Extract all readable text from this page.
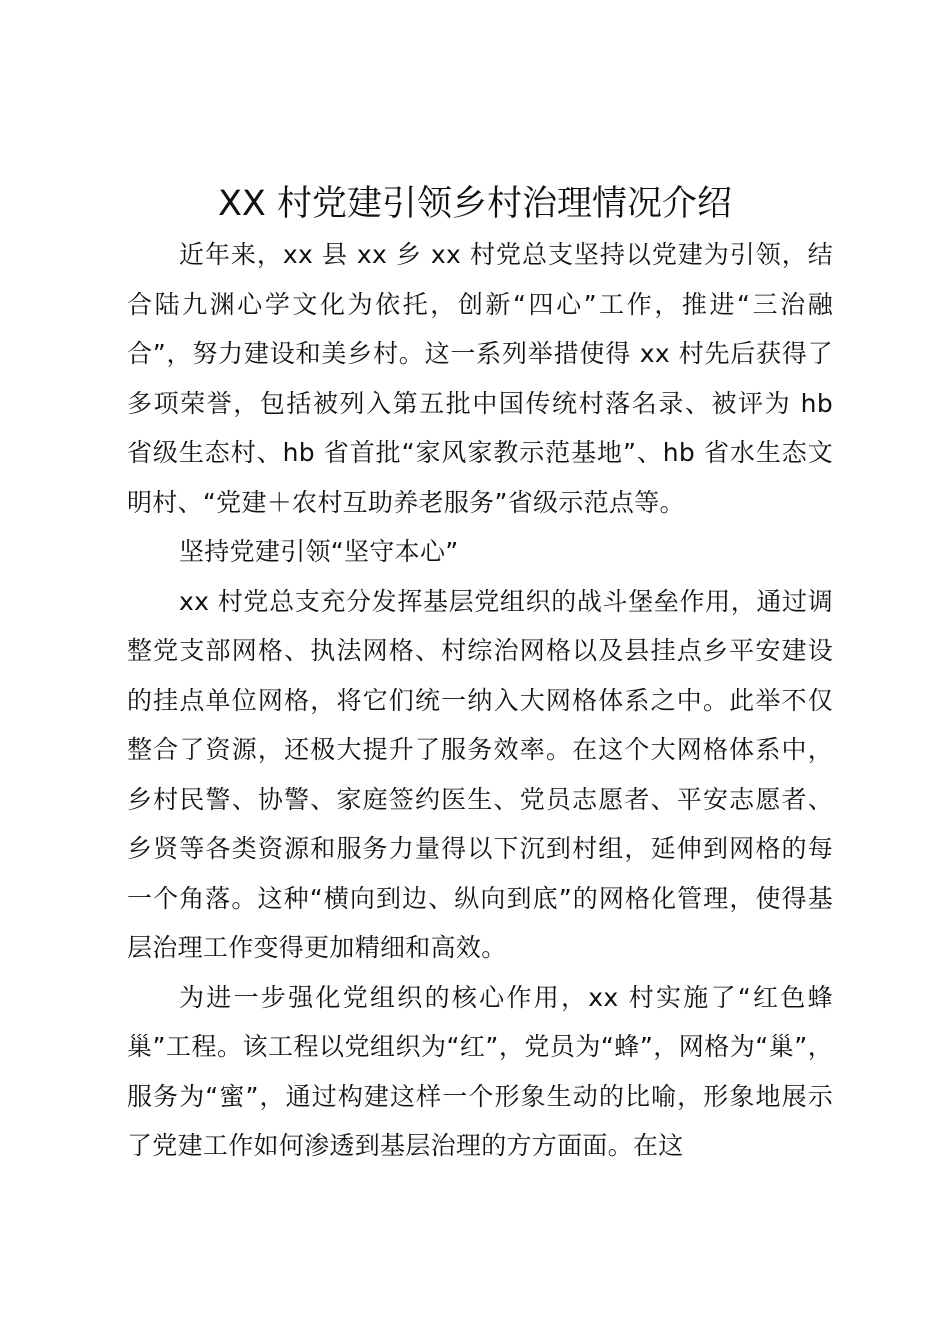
XX 村党建引领乡村治理情况介绍

近年来，xx 县 xx 乡 xx 村党总支坚持以党建为引领，结合陆九渊心学文化为依托，创新“四心”工作，推进“三治融合”，努力建设和美乡村。这一系列举措使得 xx 村先后获得了多项荣誉，包括被列入第五批中国传统村落名录、被评为 hb 省级生态村、hb 省首批“家风家教示范基地”、hb 省水生态文明村、“党建＋农村互助养老服务”省级示范点等。

坚持党建引领“坚守本心”

xx 村党总支充分发挥基层党组织的战斗堡垒作用，通过调整党支部网格、执法网格、村综治网格以及县挂点乡平安建设的挂点单位网格，将它们统一纳入大网格体系之中。此举不仅整合了资源，还极大提升了服务效率。在这个大网格体系中，乡村民警、协警、家庭签约医生、党员志愿者、平安志愿者、乡贤等各类资源和服务力量得以下沉到村组，延伸到网格的每一个角落。这种“横向到边、纵向到底”的网格化管理，使得基层治理工作变得更加精细和高效。

为进一步强化党组织的核心作用，xx 村实施了“红色蜂巢”工程。该工程以党组织为“红”，党员为“蜂”，网格为“巢”，服务为“蜜”，通过构建这样一个形象生动的比喻，形象地展示了党建工作如何渗透到基层治理的方方面面。在这
